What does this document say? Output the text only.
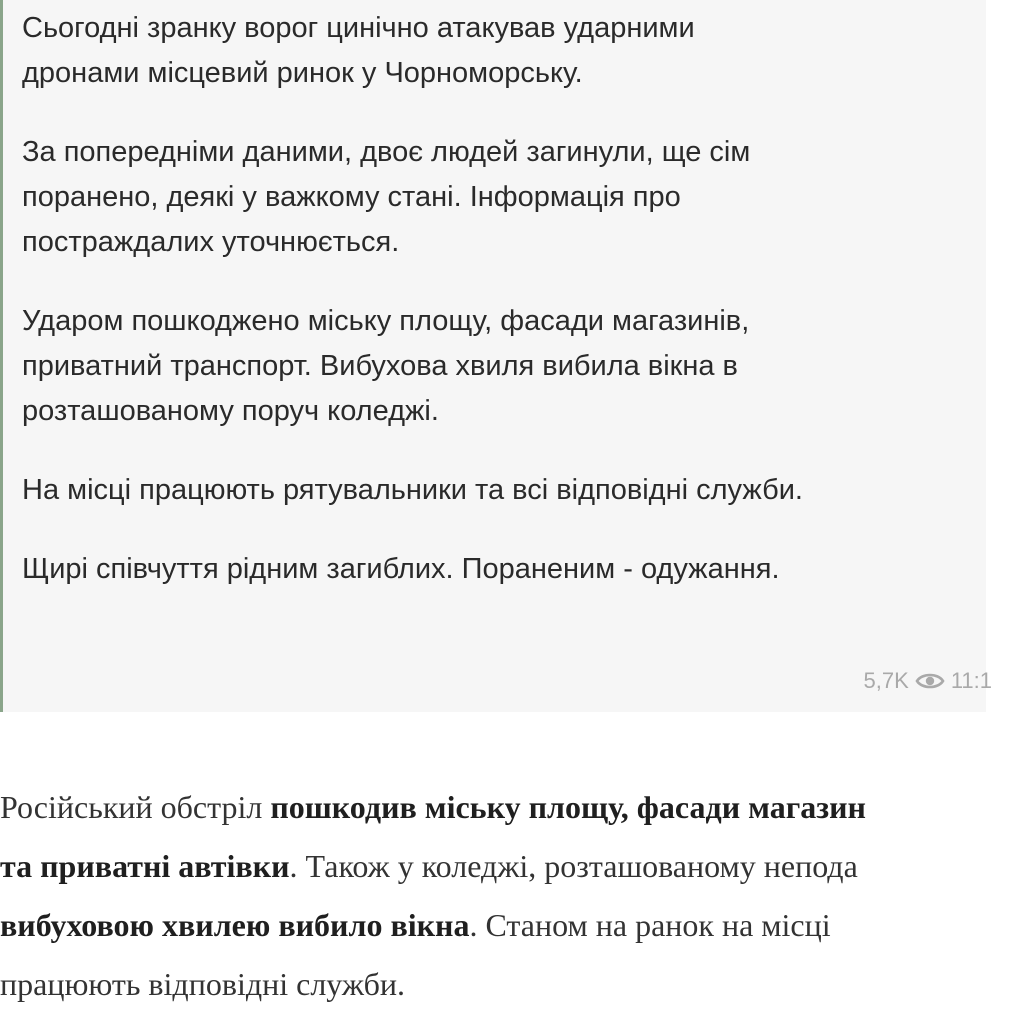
Сьогодні зранку ворог цинічно атакував ударними
дронами місцевий ринок у Чорноморську.
За попередніми даними, двоє людей загинули, ще сім
поранено, деякі у важкому стані. Інформація про
постраждалих уточнюється.
Ударом пошкоджено міську площу, фасади магазинів,
приватний транспорт. Вибухова хвиля вибила вікна в
розташованому поруч коледжі.
На місці працюють рятувальники та всі відповідні служби.
Щирі співчуття рідним загиблих. Пораненим - одужання.
5,7K 11:1
Російський обстріл пошкодив міську площу, фасади магазин
та приватні автівки. Також у коледжі, розташованому непода
вибуховою хвилею вибило вікна. Станом на ранок на місці
працюють відповідні служби.
